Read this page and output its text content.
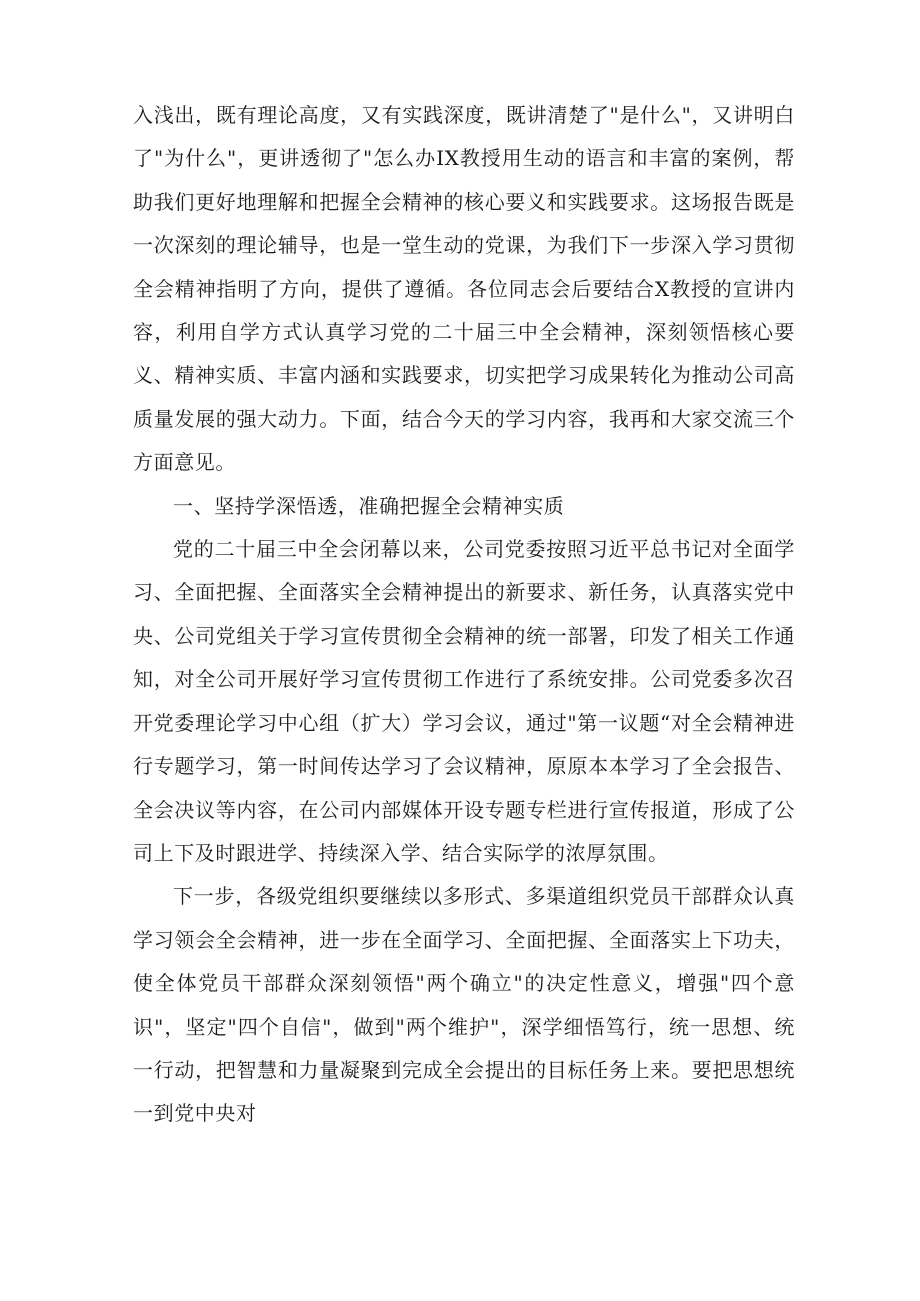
入浅出，既有理论高度，又有实践深度，既讲清楚了"是什么"，又讲明白了"为什么"，更讲透彻了"怎么办IX教授用生动的语言和丰富的案例，帮助我们更好地理解和把握全会精神的核心要义和实践要求。这场报告既是一次深刻的理论辅导，也是一堂生动的党课，为我们下一步深入学习贯彻全会精神指明了方向，提供了遵循。各位同志会后要结合X教授的宣讲内容，利用自学方式认真学习党的二十届三中全会精神，深刻领悟核心要义、精神实质、丰富内涵和实践要求，切实把学习成果转化为推动公司高质量发展的强大动力。下面，结合今天的学习内容，我再和大家交流三个方面意见。

一、坚持学深悟透，准确把握全会精神实质

党的二十届三中全会闭幕以来，公司党委按照习近平总书记对全面学习、全面把握、全面落实全会精神提出的新要求、新任务，认真落实党中央、公司党组关于学习宣传贯彻全会精神的统一部署，印发了相关工作通知，对全公司开展好学习宣传贯彻工作进行了系统安排。公司党委多次召开党委理论学习中心组（扩大）学习会议，通过"第一议题“对全会精神进行专题学习，第一时间传达学习了会议精神，原原本本学习了全会报告、全会决议等内容，在公司内部媒体开设专题专栏进行宣传报道，形成了公司上下及时跟进学、持续深入学、结合实际学的浓厚氛围。

下一步，各级党组织要继续以多形式、多渠道组织党员干部群众认真学习领会全会精神，进一步在全面学习、全面把握、全面落实上下功夫，使全体党员干部群众深刻领悟"两个确立"的决定性意义，增强"四个意识"，坚定"四个自信"，做到"两个维护"，深学细悟笃行，统一思想、统一行动，把智慧和力量凝聚到完成全会提出的目标任务上来。要把思想统一到党中央对
